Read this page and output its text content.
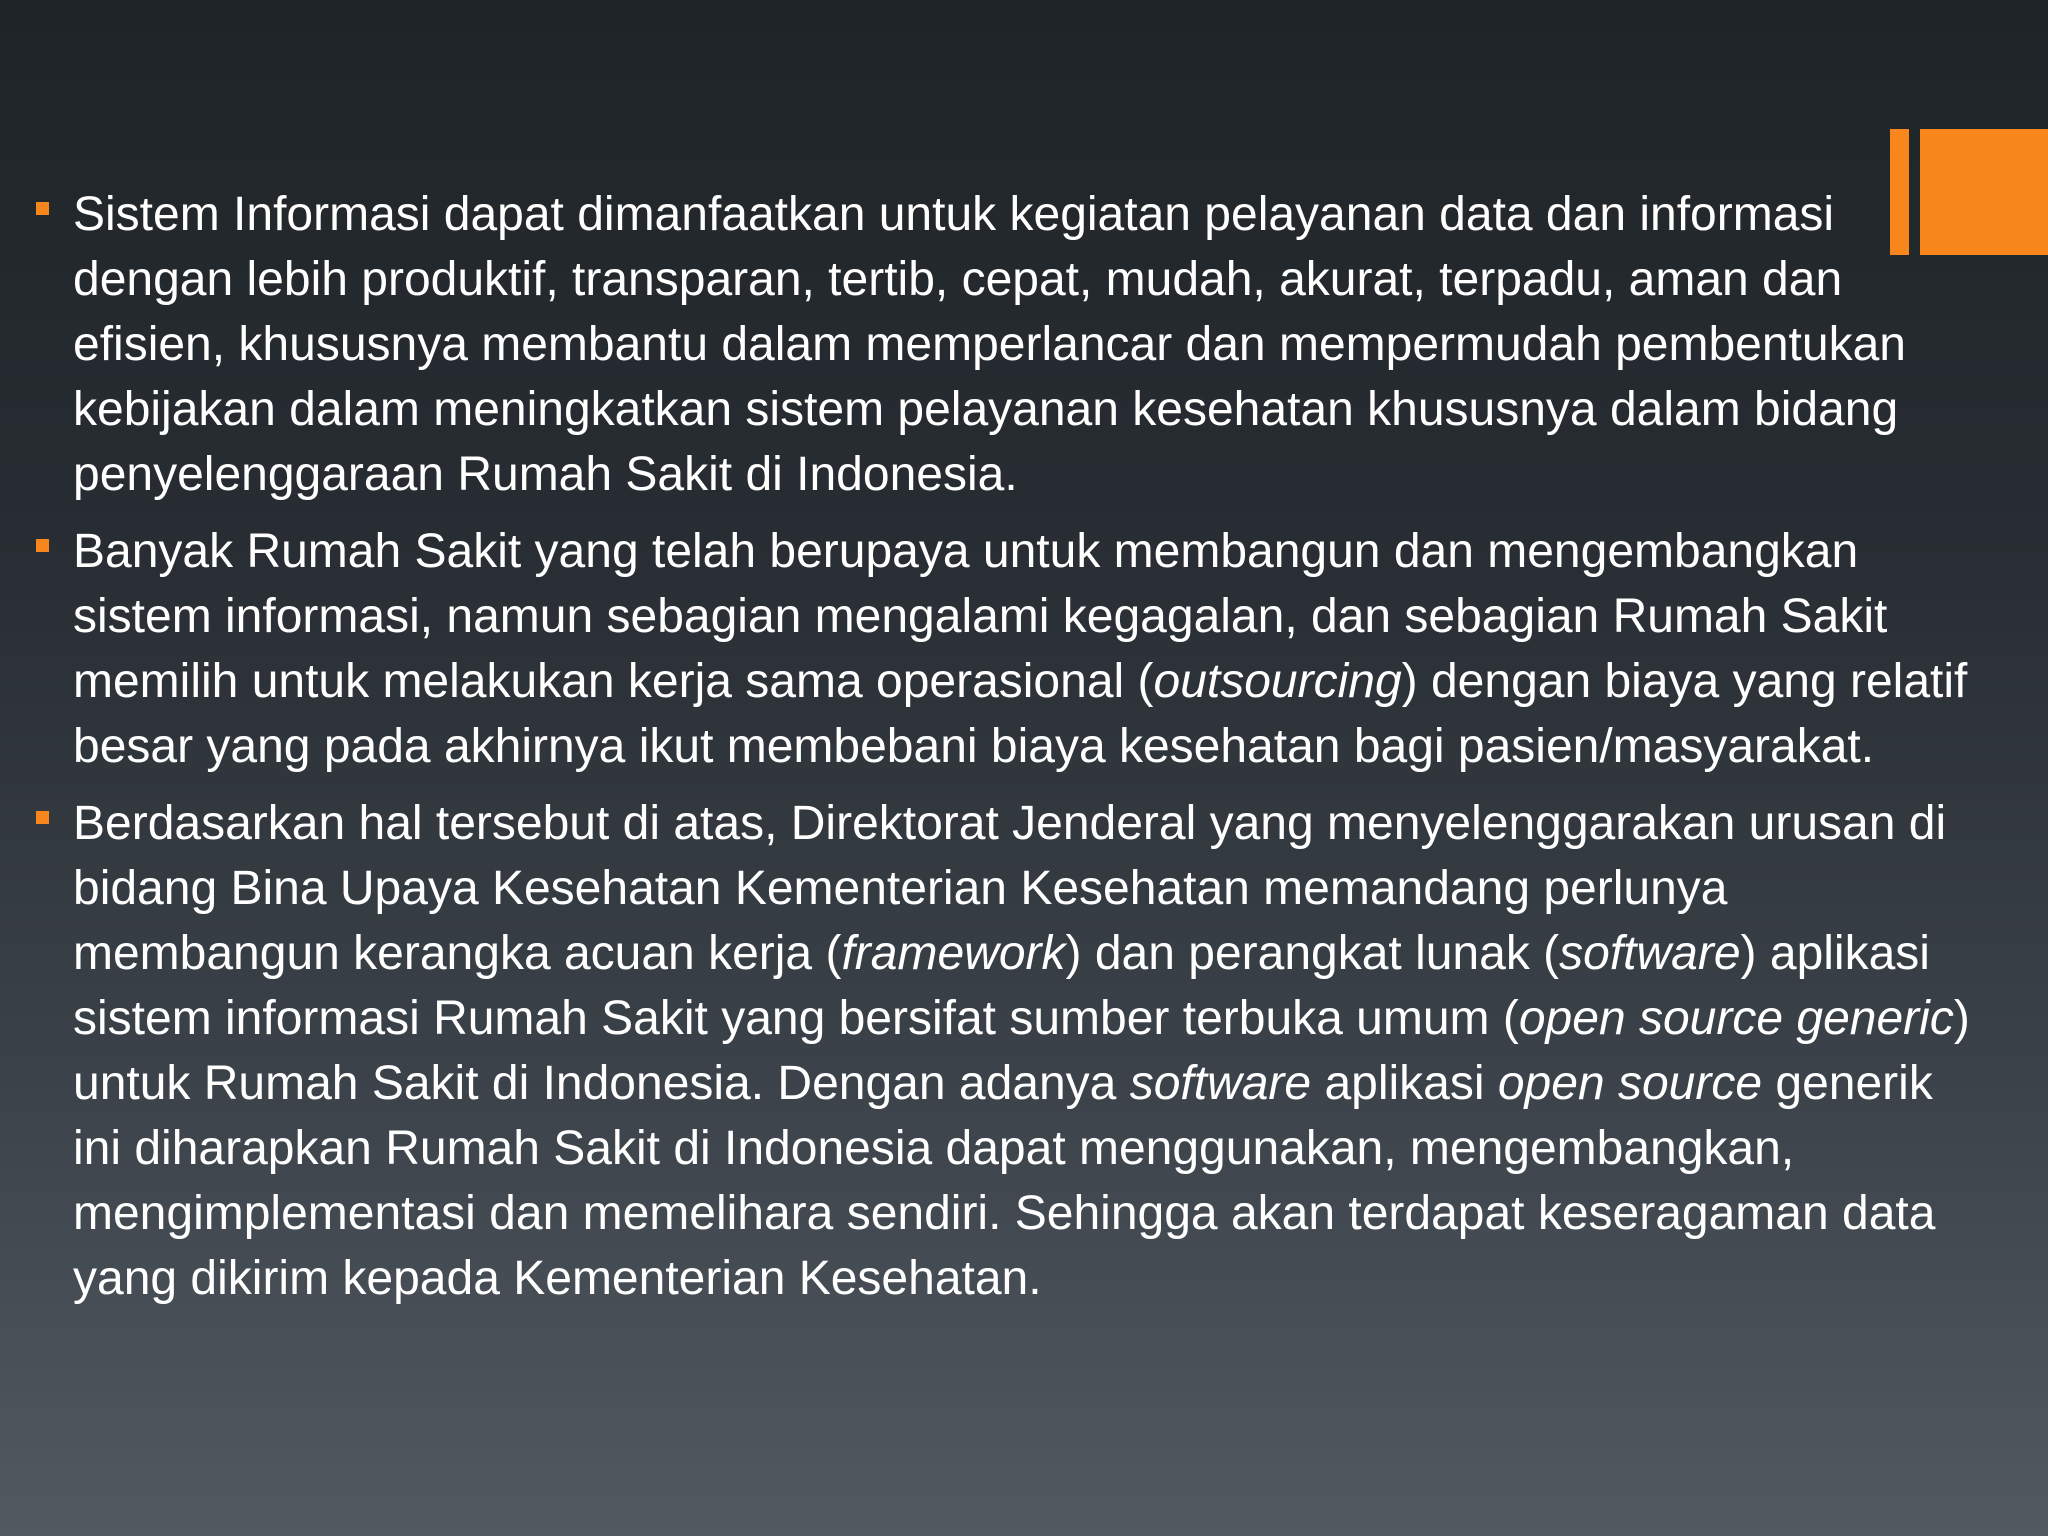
Sistem Informasi dapat dimanfaatkan untuk kegiatan pelayanan data dan informasi dengan lebih produktif, transparan, tertib, cepat, mudah, akurat, terpadu, aman dan efisien, khususnya membantu dalam memperlancar dan mempermudah pembentukan kebijakan dalam meningkatkan sistem pelayanan kesehatan khususnya dalam bidang penyelenggaraan Rumah Sakit di Indonesia.
Banyak Rumah Sakit yang telah berupaya untuk membangun dan mengembangkan sistem informasi, namun sebagian mengalami kegagalan, dan sebagian Rumah Sakit memilih untuk melakukan kerja sama operasional (outsourcing) dengan biaya yang relatif besar yang pada akhirnya ikut membebani biaya kesehatan bagi pasien/masyarakat.
Berdasarkan hal tersebut di atas, Direktorat Jenderal yang menyelenggarakan urusan di bidang Bina Upaya Kesehatan Kementerian Kesehatan memandang perlunya membangun kerangka acuan kerja (framework) dan perangkat lunak (software) aplikasi sistem informasi Rumah Sakit yang bersifat sumber terbuka umum (open source generic) untuk Rumah Sakit di Indonesia. Dengan adanya software aplikasi open source generik ini diharapkan Rumah Sakit di Indonesia dapat menggunakan, mengembangkan, mengimplementasi dan memelihara sendiri. Sehingga akan terdapat keseragaman data yang dikirim kepada Kementerian Kesehatan.
